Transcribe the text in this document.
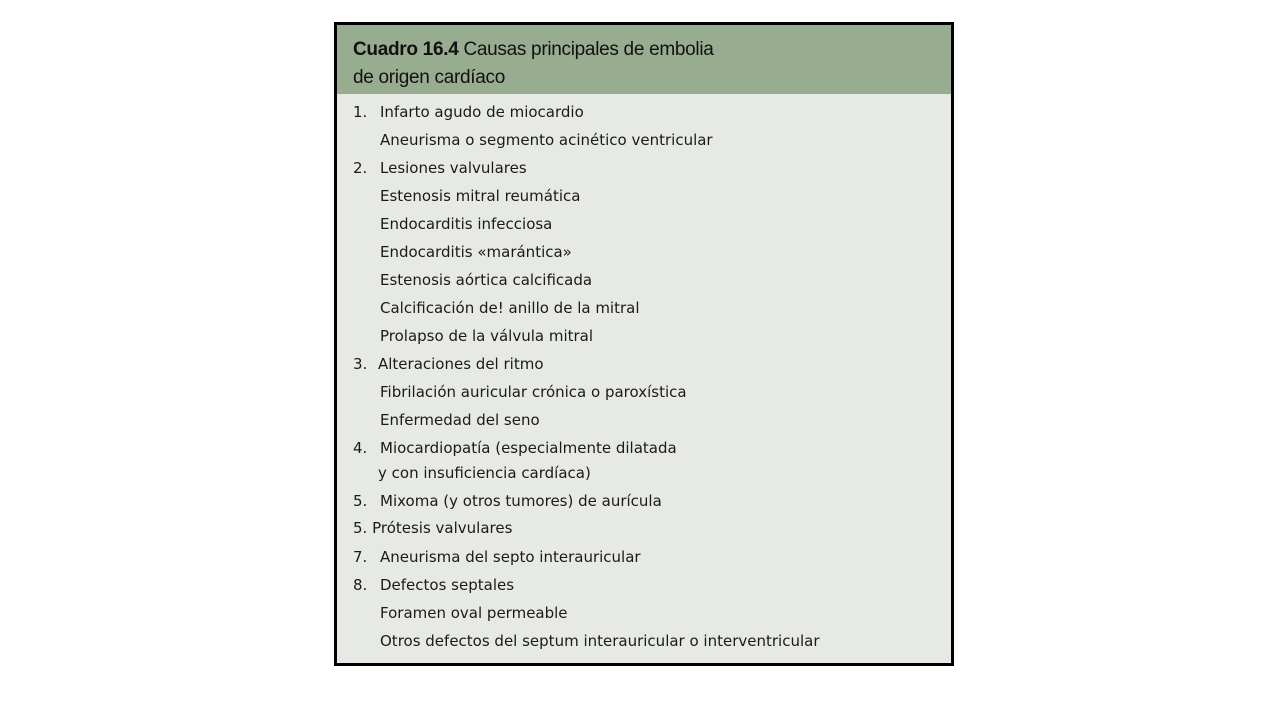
Cuadro 16.4 Causas principales de embolia
de origen cardíaco
1. Infarto agudo de miocardio
Aneurisma o segmento acinético ventricular
2. Lesiones valvulares
Estenosis mitral reumática
Endocarditis infecciosa
Endocarditis «marántica»
Estenosis aórtica calcificada
Calcificación de! anillo de la mitral
Prolapso de la válvula mitral
3. Alteraciones del ritmo
Fibrilación auricular crónica o paroxística
Enfermedad del seno
4. Miocardiopatía (especialmente dilatada
y con insuficiencia cardíaca)
5. Mixoma (y otros tumores) de aurícula
5. Prótesis valvulares
7. Aneurisma del septo interauricular
8. Defectos septales
Foramen oval permeable
Otros defectos del septum interauricular o interventricular
